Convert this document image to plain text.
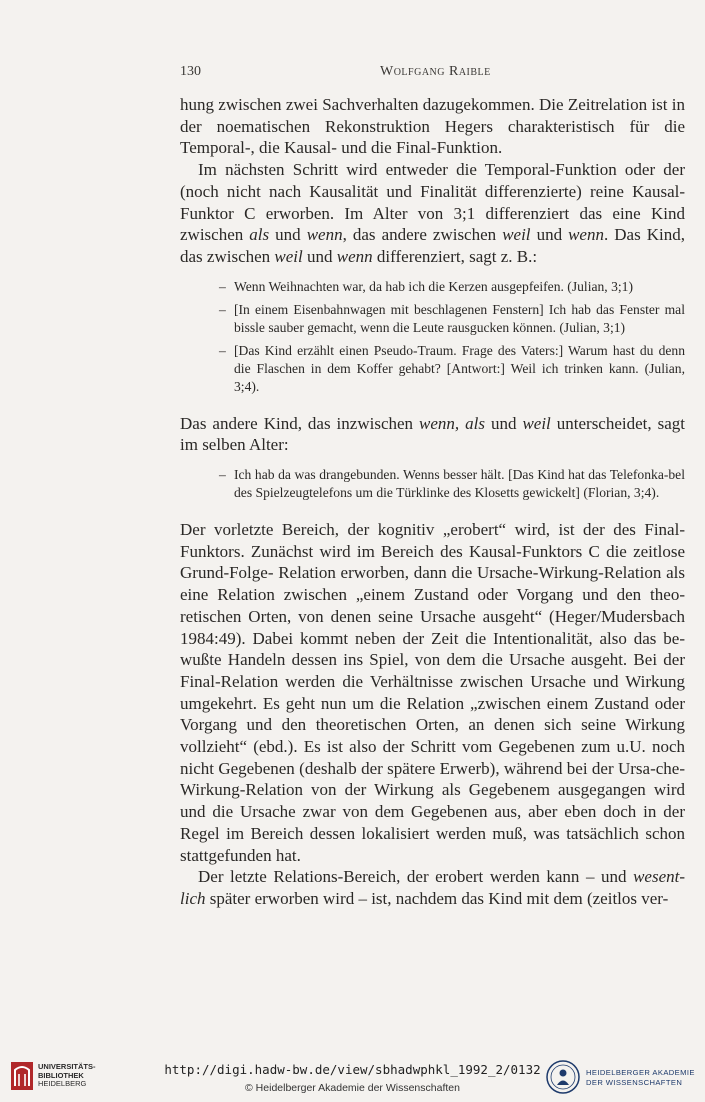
130	Wolfgang Raible

hung zwischen zwei Sachverhalten dazugekommen. Die Zeitrelation ist in der noematischen Rekonstruktion Hegers charakteristisch für die Temporal-, die Kausal- und die Final-Funktion.

Im nächsten Schritt wird entweder die Temporal-Funktion oder der (noch nicht nach Kausalität und Finalität differenzierte) reine Kausal-Funktor C erworben. Im Alter von 3;1 differenziert das eine Kind zwischen als und wenn, das andere zwischen weil und wenn. Das Kind, das zwischen weil und wenn differenziert, sagt z. B.:

– Wenn Weihnachten war, da hab ich die Kerzen ausgepfeifen. (Julian, 3;1)
– [In einem Eisenbahnwagen mit beschlagenen Fenstern] Ich hab das Fenster mal bissle sauber gemacht, wenn die Leute rausgucken können. (Julian, 3;1)
– [Das Kind erzählt einen Pseudo-Traum. Frage des Vaters:] Warum hast du denn die Flaschen in dem Koffer gehabt? [Antwort:] Weil ich trinken kann. (Julian, 3;4).

Das andere Kind, das inzwischen wenn, als und weil unterscheidet, sagt im selben Alter:

– Ich hab da was drangebunden. Wenns besser hält. [Das Kind hat das Telefonka-bel des Spielzeugtelefons um die Türklinke des Klosetts gewickelt] (Florian, 3;4).

Der vorletzte Bereich, der kognitiv „erobert“ wird, ist der des Final-Funktors. Zunächst wird im Bereich des Kausal-Funktors C die zeitlose Grund-Folge- Relation erworben, dann die Ursache-Wirkung-Relation als eine Relation zwischen „einem Zustand oder Vorgang und den theo-retischen Orten, von denen seine Ursache ausgeht“ (Heger/Mudersbach 1984:49). Dabei kommt neben der Zeit die Intentionalität, also das be-wußte Handeln dessen ins Spiel, von dem die Ursache ausgeht. Bei der Final-Relation werden die Verhältnisse zwischen Ursache und Wirkung umgekehrt. Es geht nun um die Relation „zwischen einem Zustand oder Vorgang und den theoretischen Orten, an denen sich seine Wirkung vollzieht“ (ebd.). Es ist also der Schritt vom Gegebenen zum u.U. noch nicht Gegebenen (deshalb der spätere Erwerb), während bei der Ursa-che-Wirkung-Relation von der Wirkung als Gegebenem ausgegangen wird und die Ursache zwar von dem Gegebenen aus, aber eben doch in der Regel im Bereich dessen lokalisiert werden muß, was tatsächlich schon stattgefunden hat.

Der letzte Relations-Bereich, der erobert werden kann – und wesent-lich später erworben wird – ist, nachdem das Kind mit dem (zeitlos ver-

UNIVERSITÄTS-
BIBLIOTHEK
HEIDELBERG
http://digi.hadw-bw.de/view/sbhadwphkl_1992_2/0132
© Heidelberger Akademie der Wissenschaften
HEIDELBERGER AKADEMIE
DER WISSENSCHAFTEN
